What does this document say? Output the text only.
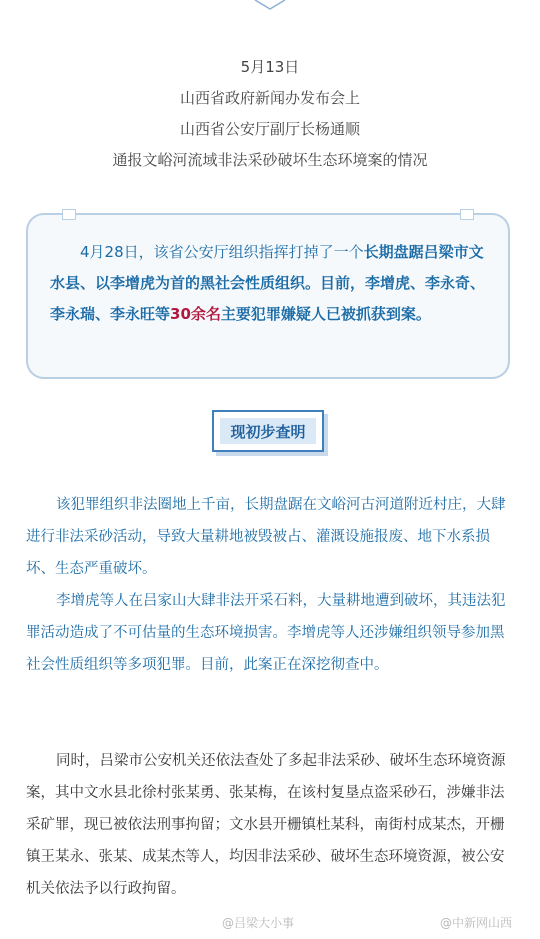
5月13日
山西省政府新闻办发布会上
山西省公安厅副厅长杨通顺
通报文峪河流域非法采砂破坏生态环境案的情况
4月28日，该省公安厅组织指挥打掉了一个长期盘踞吕梁市文水县、以李增虎为首的黑社会性质组织。目前，李增虎、李永奇、李永瑞、李永旺等30余名主要犯罪嫌疑人已被抓获到案。
现初步查明
该犯罪组织非法圈地上千亩，长期盘踞在文峪河古河道附近村庄，大肆进行非法采砂活动，导致大量耕地被毁被占、灌溉设施报废、地下水系损坏、生态严重破坏。
李增虎等人在吕家山大肆非法开采石料，大量耕地遭到破坏，其违法犯罪活动造成了不可估量的生态环境损害。李增虎等人还涉嫌组织领导参加黑社会性质组织等多项犯罪。目前，此案正在深挖彻查中。
同时，吕梁市公安机关还依法查处了多起非法采砂、破坏生态环境资源案，其中文水县北徐村张某勇、张某梅，在该村复垦点盗采砂石，涉嫌非法采矿罪，现已被依法刑事拘留；文水县开栅镇杜某科，南街村成某杰，开栅镇王某永、张某、成某杰等人，均因非法采砂、破坏生态环境资源，被公安机关依法予以行政拘留。
@吕梁大小事	@中新网山西
